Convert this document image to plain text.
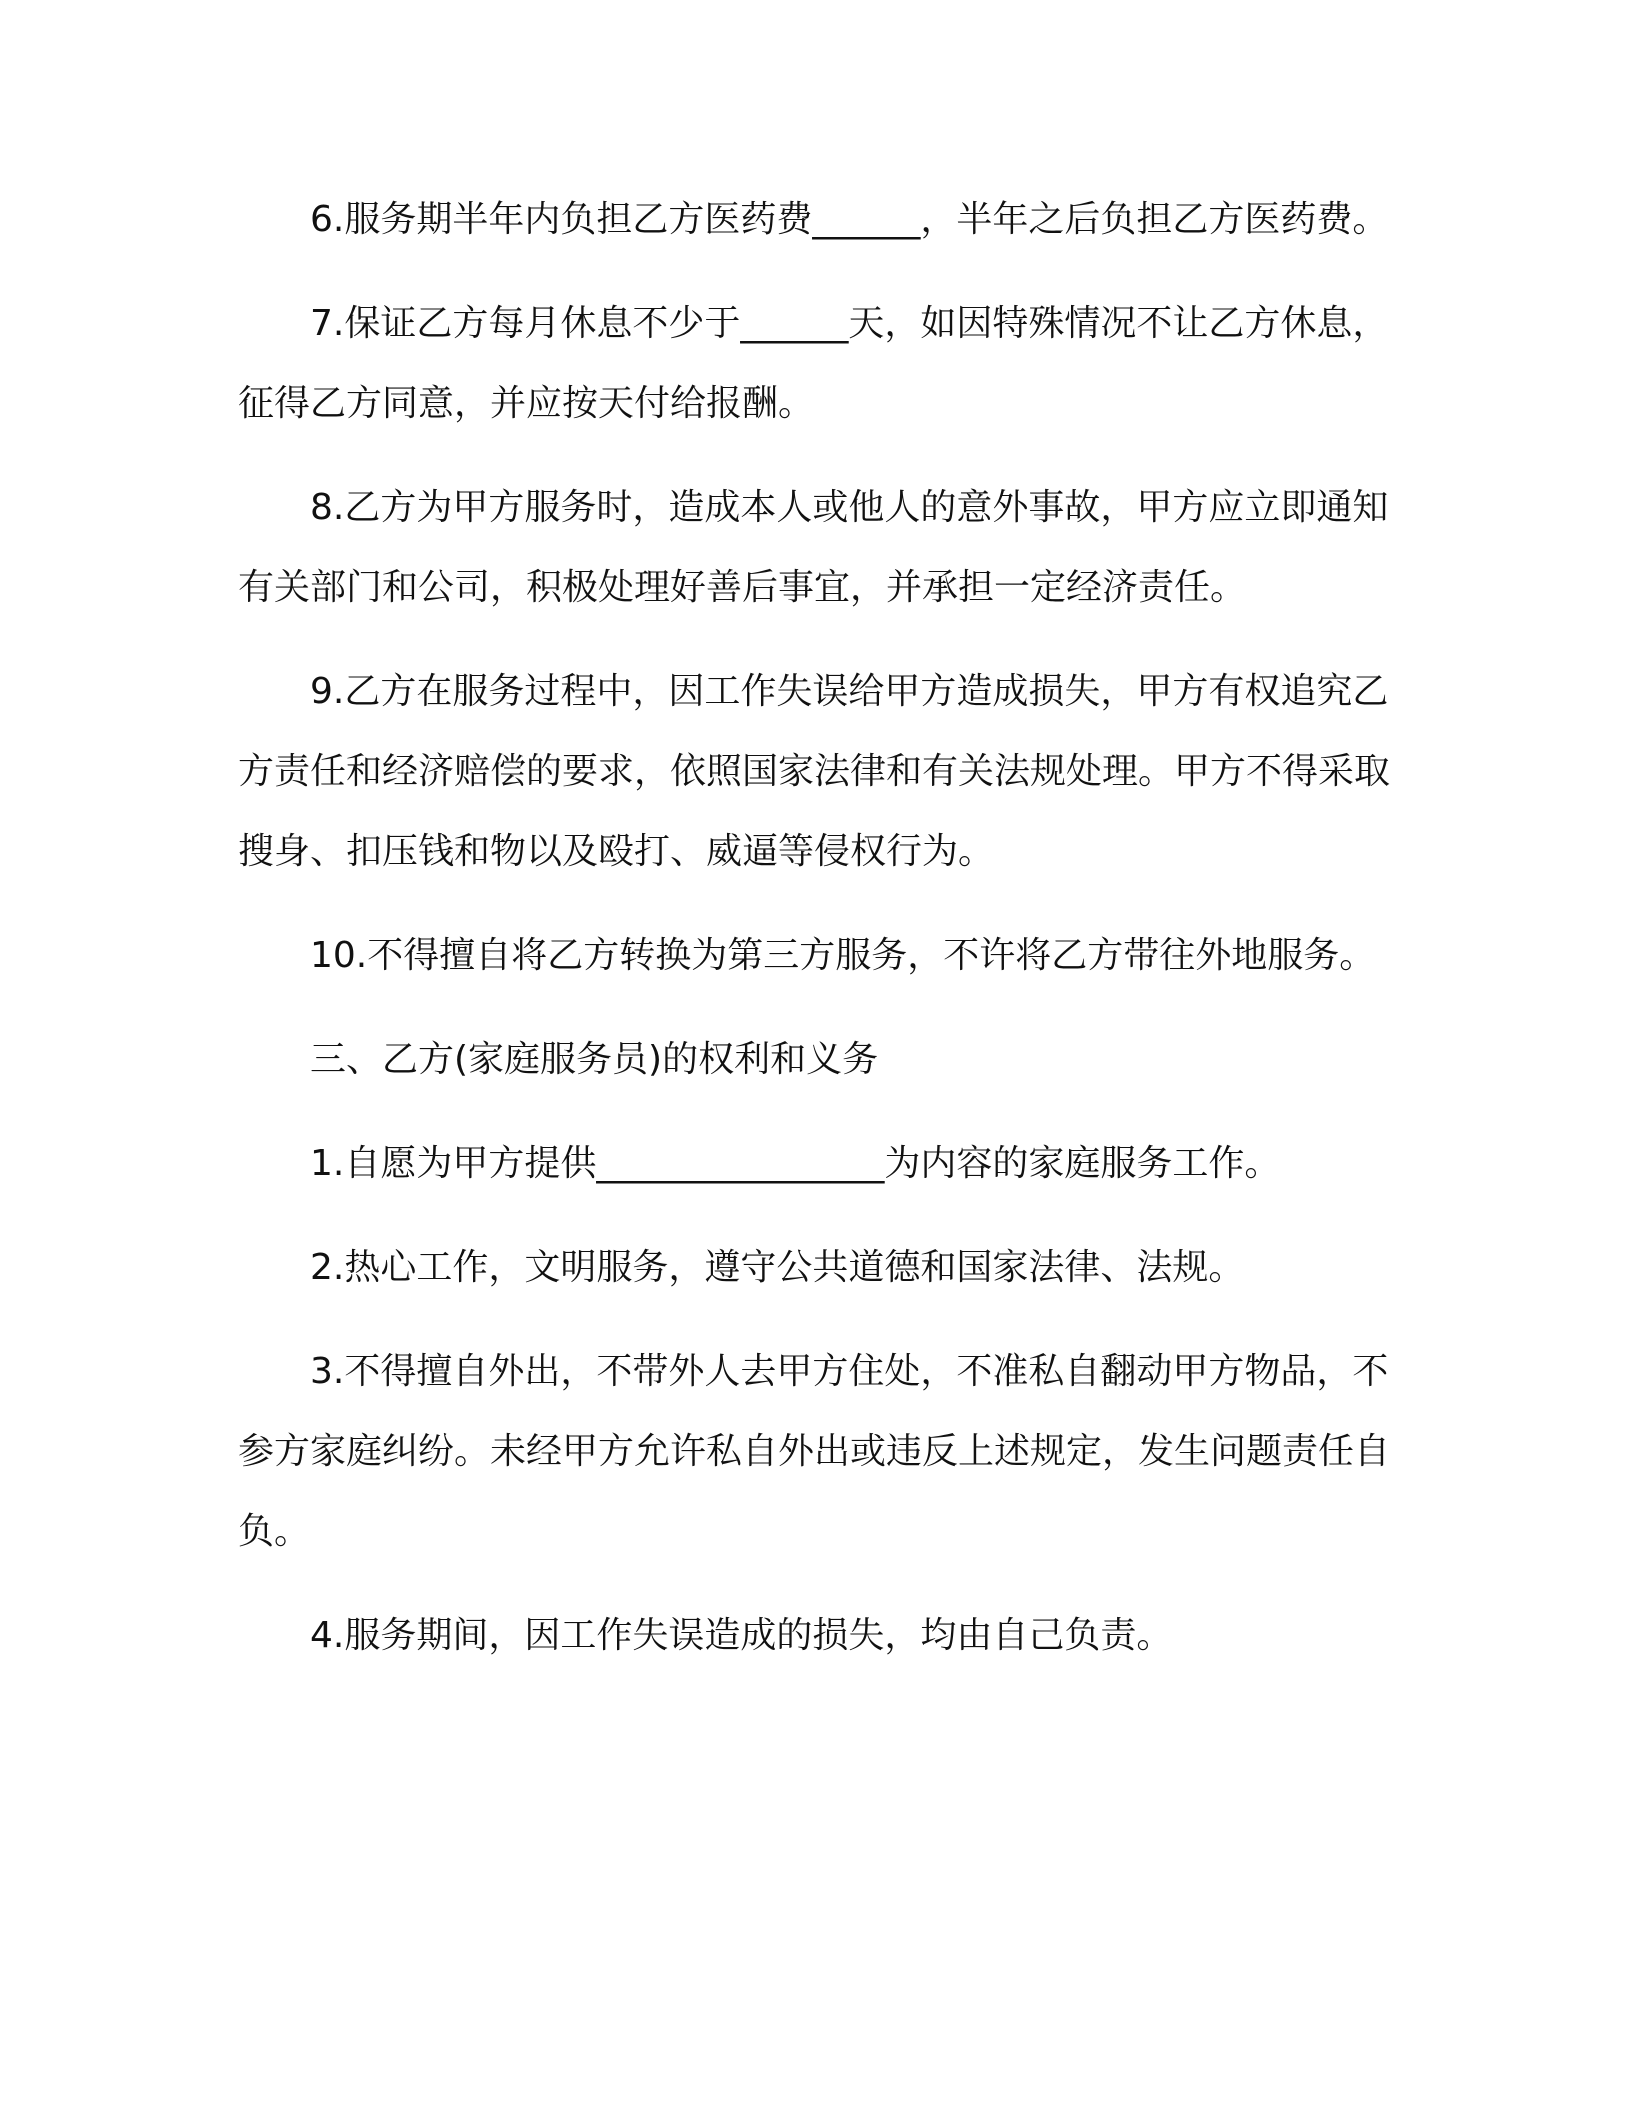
6.服务期半年内负担乙方医药费______，半年之后负担乙方医药费。

7.保证乙方每月休息不少于______天，如因特殊情况不让乙方休息，征得乙方同意，并应按天付给报酬。

8.乙方为甲方服务时，造成本人或他人的意外事故，甲方应立即通知有关部门和公司，积极处理好善后事宜，并承担一定经济责任。

9.乙方在服务过程中，因工作失误给甲方造成损失，甲方有权追究乙方责任和经济赔偿的要求，依照国家法律和有关法规处理。甲方不得采取搜身、扣压钱和物以及殴打、威逼等侵权行为。

10.不得擅自将乙方转换为第三方服务，不许将乙方带往外地服务。

三、乙方(家庭服务员)的权利和义务

1.自愿为甲方提供________________为内容的家庭服务工作。

2.热心工作，文明服务，遵守公共道德和国家法律、法规。

3.不得擅自外出，不带外人去甲方住处，不准私自翻动甲方物品，不参方家庭纠纷。未经甲方允许私自外出或违反上述规定，发生问题责任自负。

4.服务期间，因工作失误造成的损失，均由自己负责。
